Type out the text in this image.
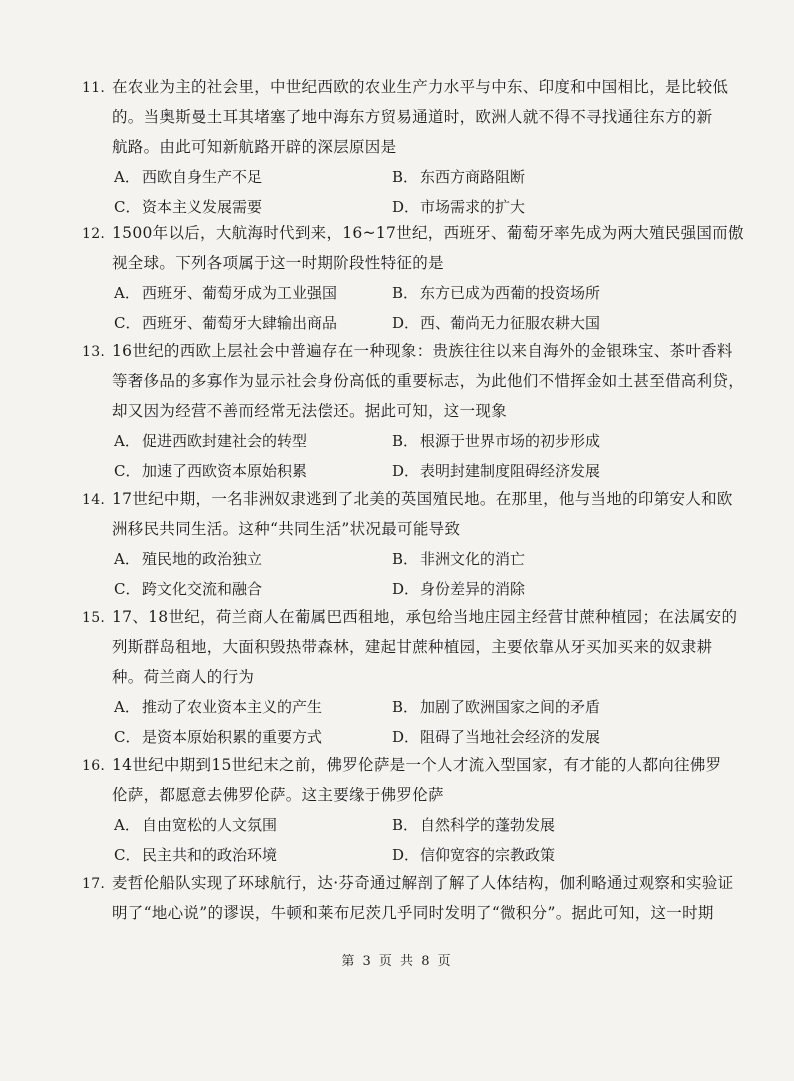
11. 在农业为主的社会里，中世纪西欧的农业生产力水平与中东、印度和中国相比，是比较低
的。当奥斯曼土耳其堵塞了地中海东方贸易通道时，欧洲人就不得不寻找通往东方的新
航路。由此可知新航路开辟的深层原因是
A． 西欧自身生产不足	B． 东西方商路阻断
C． 资本主义发展需要	D．市场需求的扩大
12. 1500年以后，大航海时代到来，16~17世纪，西班牙、葡萄牙率先成为两大殖民强国而傲
视全球。下列各项属于这一时期阶段性特征的是
A． 西班牙、葡萄牙成为工业强国	B． 东方已成为西葡的投资场所
C． 西班牙、葡萄牙大肆输出商品	D．西、葡尚无力征服农耕大国
13. 16世纪的西欧上层社会中普遍存在一种现象：贵族往往以来自海外的金银珠宝、茶叶香料
等奢侈品的多寡作为显示社会身份高低的重要标志，为此他们不惜挥金如土甚至借高利贷，
却又因为经营不善而经常无法偿还。据此可知，这一现象
A． 促进西欧封建社会的转型	B． 根源于世界市场的初步形成
C． 加速了西欧资本原始积累	D．表明封建制度阻碍经济发展
14. 17世纪中期，一名非洲奴隶逃到了北美的英国殖民地。在那里，他与当地的印第安人和欧
洲移民共同生活。这种“共同生活”状况最可能导致
A． 殖民地的政治独立	B． 非洲文化的消亡
C． 跨文化交流和融合	D．身份差异的消除
15. 17、18世纪，荷兰商人在葡属巴西租地，承包给当地庄园主经营甘蔗种植园；在法属安的
列斯群岛租地，大面积毁热带森林，建起甘蔗种植园，主要依靠从牙买加买来的奴隶耕
种。荷兰商人的行为
A． 推动了农业资本主义的产生	B． 加剧了欧洲国家之间的矛盾
C． 是资本原始积累的重要方式	D．阻碍了当地社会经济的发展
16. 14世纪中期到15世纪末之前，佛罗伦萨是一个人才流入型国家，有才能的人都向往佛罗
伦萨，都愿意去佛罗伦萨。这主要缘于佛罗伦萨
A． 自由宽松的人文氛围	B． 自然科学的蓬勃发展
C． 民主共和的政治环境	D．信仰宽容的宗教政策
17. 麦哲伦船队实现了环球航行，达·芬奇通过解剖了解了人体结构，伽利略通过观察和实验证
明了“地心说”的谬误，牛顿和莱布尼茨几乎同时发明了“微积分”。据此可知，这一时期
第 3 页 共 8 页
